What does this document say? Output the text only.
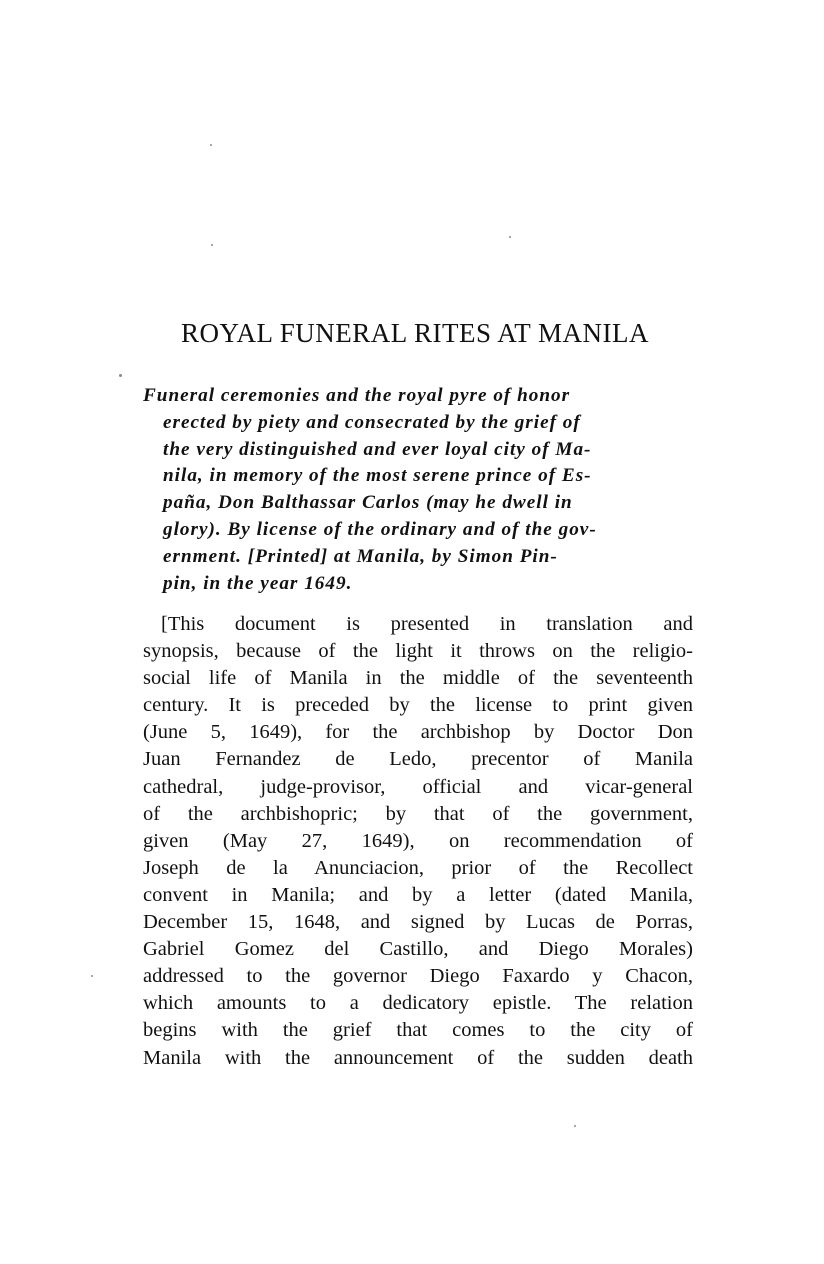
ROYAL FUNERAL RITES AT MANILA
Funeral ceremonies and the royal pyre of honor
erected by piety and consecrated by the grief of
the very distinguished and ever loyal city of Ma-
nila, in memory of the most serene prince of Es-
paña, Don Balthassar Carlos (may he dwell in
glory). By license of the ordinary and of the gov-
ernment. [Printed] at Manila, by Simon Pin-
pin, in the year 1649.
[This document is presented in translation and
synopsis, because of the light it throws on the religio-
social life of Manila in the middle of the seventeenth
century. It is preceded by the license to print given
(June 5, 1649), for the archbishop by Doctor Don
Juan Fernandez de Ledo, precentor of Manila
cathedral, judge-provisor, official and vicar-general
of the archbishopric; by that of the government,
given (May 27, 1649), on recommendation of
Joseph de la Anunciacion, prior of the Recollect
convent in Manila; and by a letter (dated Manila,
December 15, 1648, and signed by Lucas de Porras,
Gabriel Gomez del Castillo, and Diego Morales)
addressed to the governor Diego Faxardo y Chacon,
which amounts to a dedicatory epistle. The relation
begins with the grief that comes to the city of
Manila with the announcement of the sudden death
